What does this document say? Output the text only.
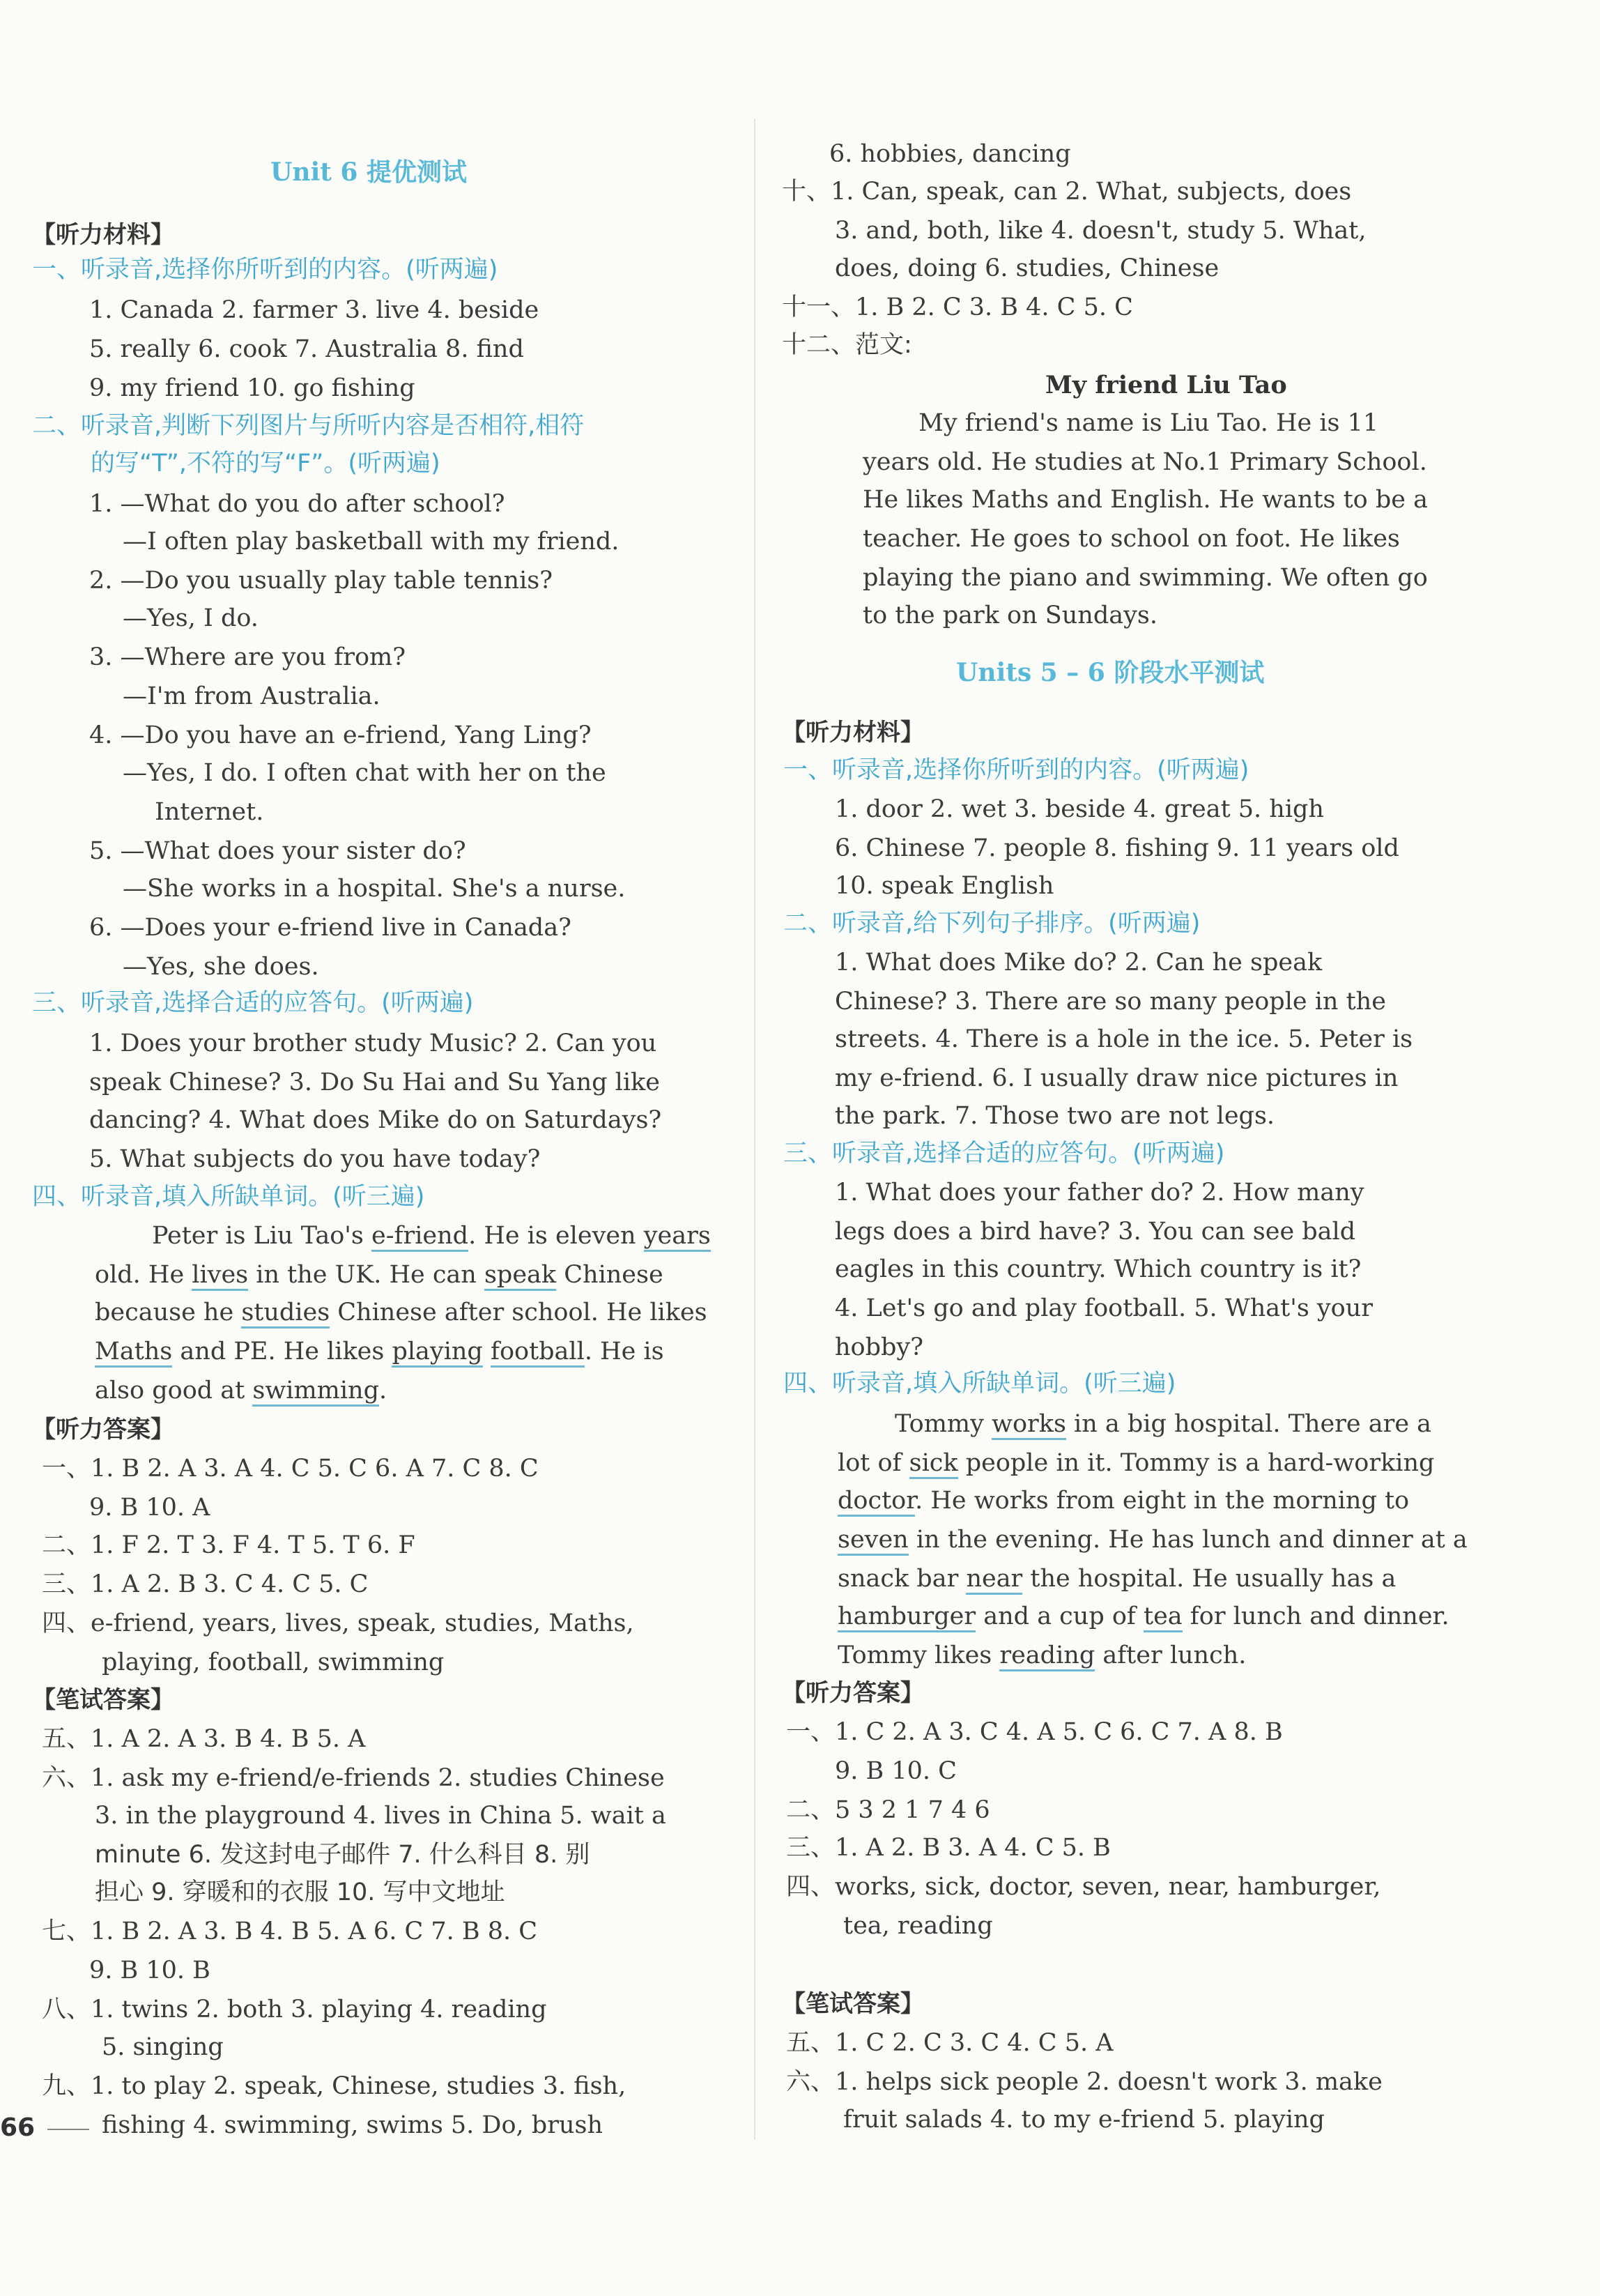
Unit 6 提优测试
【听力材料】
一、听录音,选择你所听到的内容。(听两遍)
1. Canada 2. farmer 3. live 4. beside
5. really 6. cook 7. Australia 8. find
9. my friend 10. go fishing
二、听录音,判断下列图片与所听内容是否相符,相符
的写“T”,不符的写“F”。(听两遍)
1. —What do you do after school?
—I often play basketball with my friend.
2. —Do you usually play table tennis?
—Yes, I do.
3. —Where are you from?
—I'm from Australia.
4. —Do you have an e-friend, Yang Ling?
—Yes, I do. I often chat with her on the
Internet.
5. —What does your sister do?
—She works in a hospital. She's a nurse.
6. —Does your e-friend live in Canada?
—Yes, she does.
三、听录音,选择合适的应答句。(听两遍)
1. Does your brother study Music? 2. Can you
speak Chinese? 3. Do Su Hai and Su Yang like
dancing? 4. What does Mike do on Saturdays?
5. What subjects do you have today?
四、听录音,填入所缺单词。(听三遍)
Peter is Liu Tao's e-friend. He is eleven years
old. He lives in the UK. He can speak Chinese
because he studies Chinese after school. He likes
Maths and PE. He likes playing football. He is
also good at swimming.
【听力答案】
一、1. B 2. A 3. A 4. C 5. C 6. A 7. C 8. C
9. B 10. A
二、1. F 2. T 3. F 4. T 5. T 6. F
三、1. A 2. B 3. C 4. C 5. C
四、e-friend, years, lives, speak, studies, Maths,
playing, football, swimming
【笔试答案】
五、1. A 2. A 3. B 4. B 5. A
六、1. ask my e-friend/e-friends 2. studies Chinese
3. in the playground 4. lives in China 5. wait a
minute 6. 发这封电子邮件 7. 什么科目 8. 别
担心 9. 穿暖和的衣服 10. 写中文地址
七、1. B 2. A 3. B 4. B 5. A 6. C 7. B 8. C
9. B 10. B
八、1. twins 2. both 3. playing 4. reading
5. singing
九、1. to play 2. speak, Chinese, studies 3. fish,
fishing 4. swimming, swims 5. Do, brush
66
6. hobbies, dancing
十、1. Can, speak, can 2. What, subjects, does
3. and, both, like 4. doesn't, study 5. What,
does, doing 6. studies, Chinese
十一、1. B 2. C 3. B 4. C 5. C
十二、范文:
My friend Liu Tao
My friend's name is Liu Tao. He is 11
years old. He studies at No.1 Primary School.
He likes Maths and English. He wants to be a
teacher. He goes to school on foot. He likes
playing the piano and swimming. We often go
to the park on Sundays.
Units 5 – 6 阶段水平测试
【听力材料】
一、听录音,选择你所听到的内容。(听两遍)
1. door 2. wet 3. beside 4. great 5. high
6. Chinese 7. people 8. fishing 9. 11 years old
10. speak English
二、听录音,给下列句子排序。(听两遍)
1. What does Mike do? 2. Can he speak
Chinese? 3. There are so many people in the
streets. 4. There is a hole in the ice. 5. Peter is
my e-friend. 6. I usually draw nice pictures in
the park. 7. Those two are not legs.
三、听录音,选择合适的应答句。(听两遍)
1. What does your father do? 2. How many
legs does a bird have? 3. You can see bald
eagles in this country. Which country is it?
4. Let's go and play football. 5. What's your
hobby?
四、听录音,填入所缺单词。(听三遍)
Tommy works in a big hospital. There are a
lot of sick people in it. Tommy is a hard-working
doctor. He works from eight in the morning to
seven in the evening. He has lunch and dinner at a
snack bar near the hospital. He usually has a
hamburger and a cup of tea for lunch and dinner.
Tommy likes reading after lunch.
【听力答案】
一、1. C 2. A 3. C 4. A 5. C 6. C 7. A 8. B
9. B 10. C
二、5 3 2 1 7 4 6
三、1. A 2. B 3. A 4. C 5. B
四、works, sick, doctor, seven, near, hamburger,
tea, reading
【笔试答案】
五、1. C 2. C 3. C 4. C 5. A
六、1. helps sick people 2. doesn't work 3. make
fruit salads 4. to my e-friend 5. playing
